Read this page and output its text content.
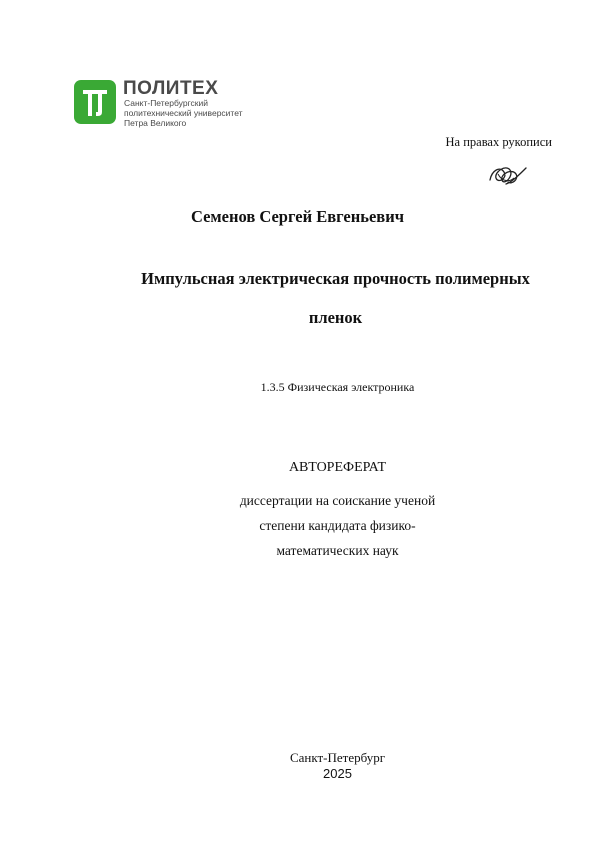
ПОЛИТЕХ
Санкт-Петербургский
политехнический университет
Петра Великого
На правах рукописи
Семенов Сергей Евгеньевич
Импульсная электрическая прочность полимерных
пленок
1.3.5 Физическая электроника
АВТОРЕФЕРАТ
диссертации на соискание ученой
степени кандидата физико-
математических наук
Санкт-Петербург
2025
